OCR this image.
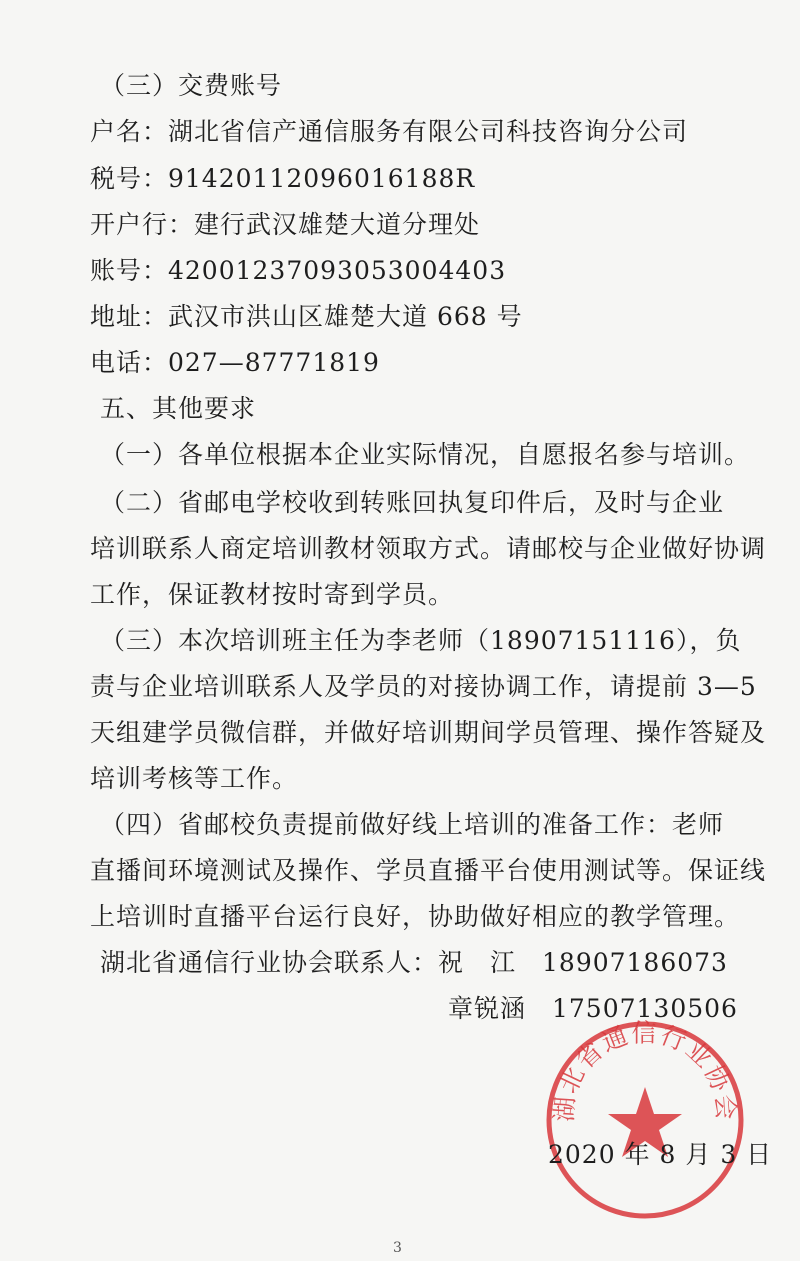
（三）交费账号
户名：湖北省信产通信服务有限公司科技咨询分公司
税号：91420112096016188R
开户行：建行武汉雄楚大道分理处
账号：42001237093053004403
地址：武汉市洪山区雄楚大道 668 号
电话：027—87771819
五、其他要求
（一）各单位根据本企业实际情况，自愿报名参与培训。
（二）省邮电学校收到转账回执复印件后，及时与企业
培训联系人商定培训教材领取方式。请邮校与企业做好协调
工作，保证教材按时寄到学员。
（三）本次培训班主任为李老师（18907151116），负
责与企业培训联系人及学员的对接协调工作，请提前 3—5
天组建学员微信群，并做好培训期间学员管理、操作答疑及
培训考核等工作。
（四）省邮校负责提前做好线上培训的准备工作：老师
直播间环境测试及操作、学员直播平台使用测试等。保证线
上培训时直播平台运行良好，协助做好相应的教学管理。
湖北省通信行业协会联系人：祝　江　18907186073
章锐涵　17507130506
湖北省通信行业协会
2020 年 8 月 3 日
3
